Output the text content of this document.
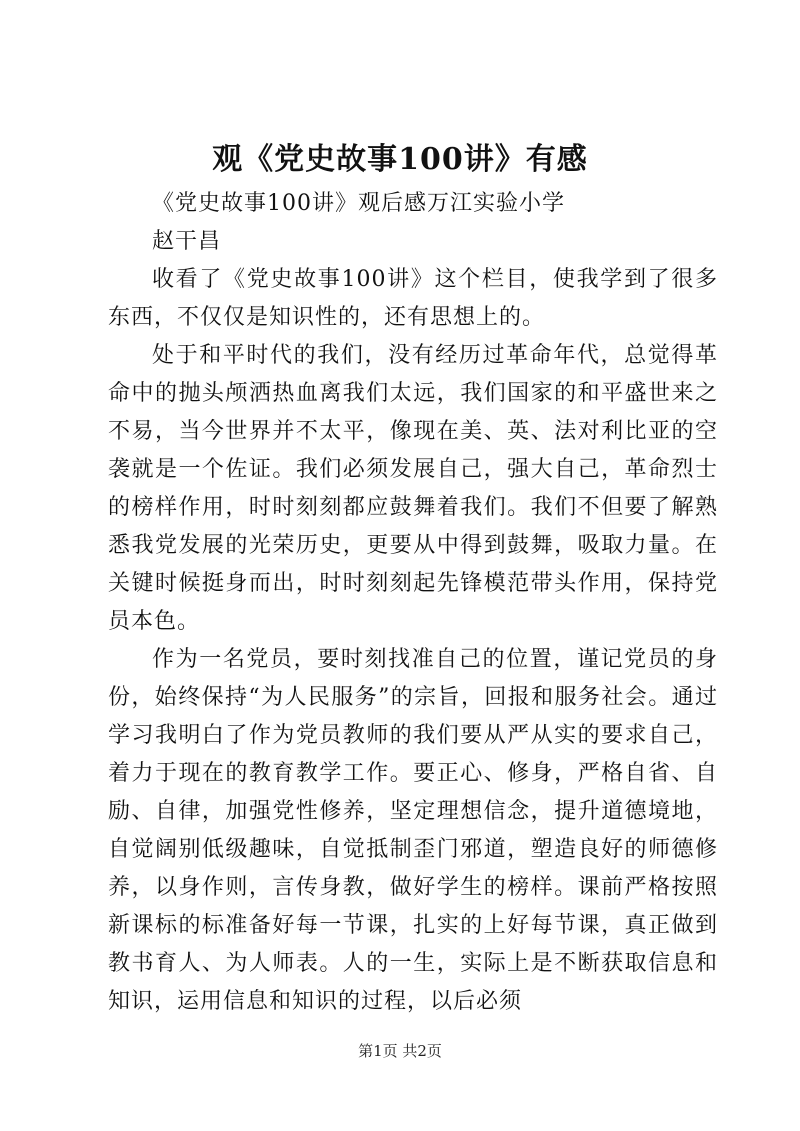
观《党史故事100讲》有感

《党史故事100讲》观后感万江实验小学

赵干昌

收看了《党史故事100讲》这个栏目，使我学到了很多东西，不仅仅是知识性的，还有思想上的。

处于和平时代的我们，没有经历过革命年代，总觉得革命中的抛头颅洒热血离我们太远，我们国家的和平盛世来之不易，当今世界并不太平，像现在美、英、法对利比亚的空袭就是一个佐证。我们必须发展自己，强大自己，革命烈士的榜样作用，时时刻刻都应鼓舞着我们。我们不但要了解熟悉我党发展的光荣历史，更要从中得到鼓舞，吸取力量。在关键时候挺身而出，时时刻刻起先锋模范带头作用，保持党员本色。

作为一名党员，要时刻找准自己的位置，谨记党员的身份，始终保持“为人民服务”的宗旨，回报和服务社会。通过学习我明白了作为党员教师的我们要从严从实的要求自己，着力于现在的教育教学工作。要正心、修身，严格自省、自励、自律，加强党性修养，坚定理想信念，提升道德境地，自觉阔别低级趣味，自觉抵制歪门邪道，塑造良好的师德修养，以身作则，言传身教，做好学生的榜样。课前严格按照新课标的标准备好每一节课，扎实的上好每节课，真正做到教书育人、为人师表。人的一生，实际上是不断获取信息和知识，运用信息和知识的过程，以后必须

第1页 共2页
